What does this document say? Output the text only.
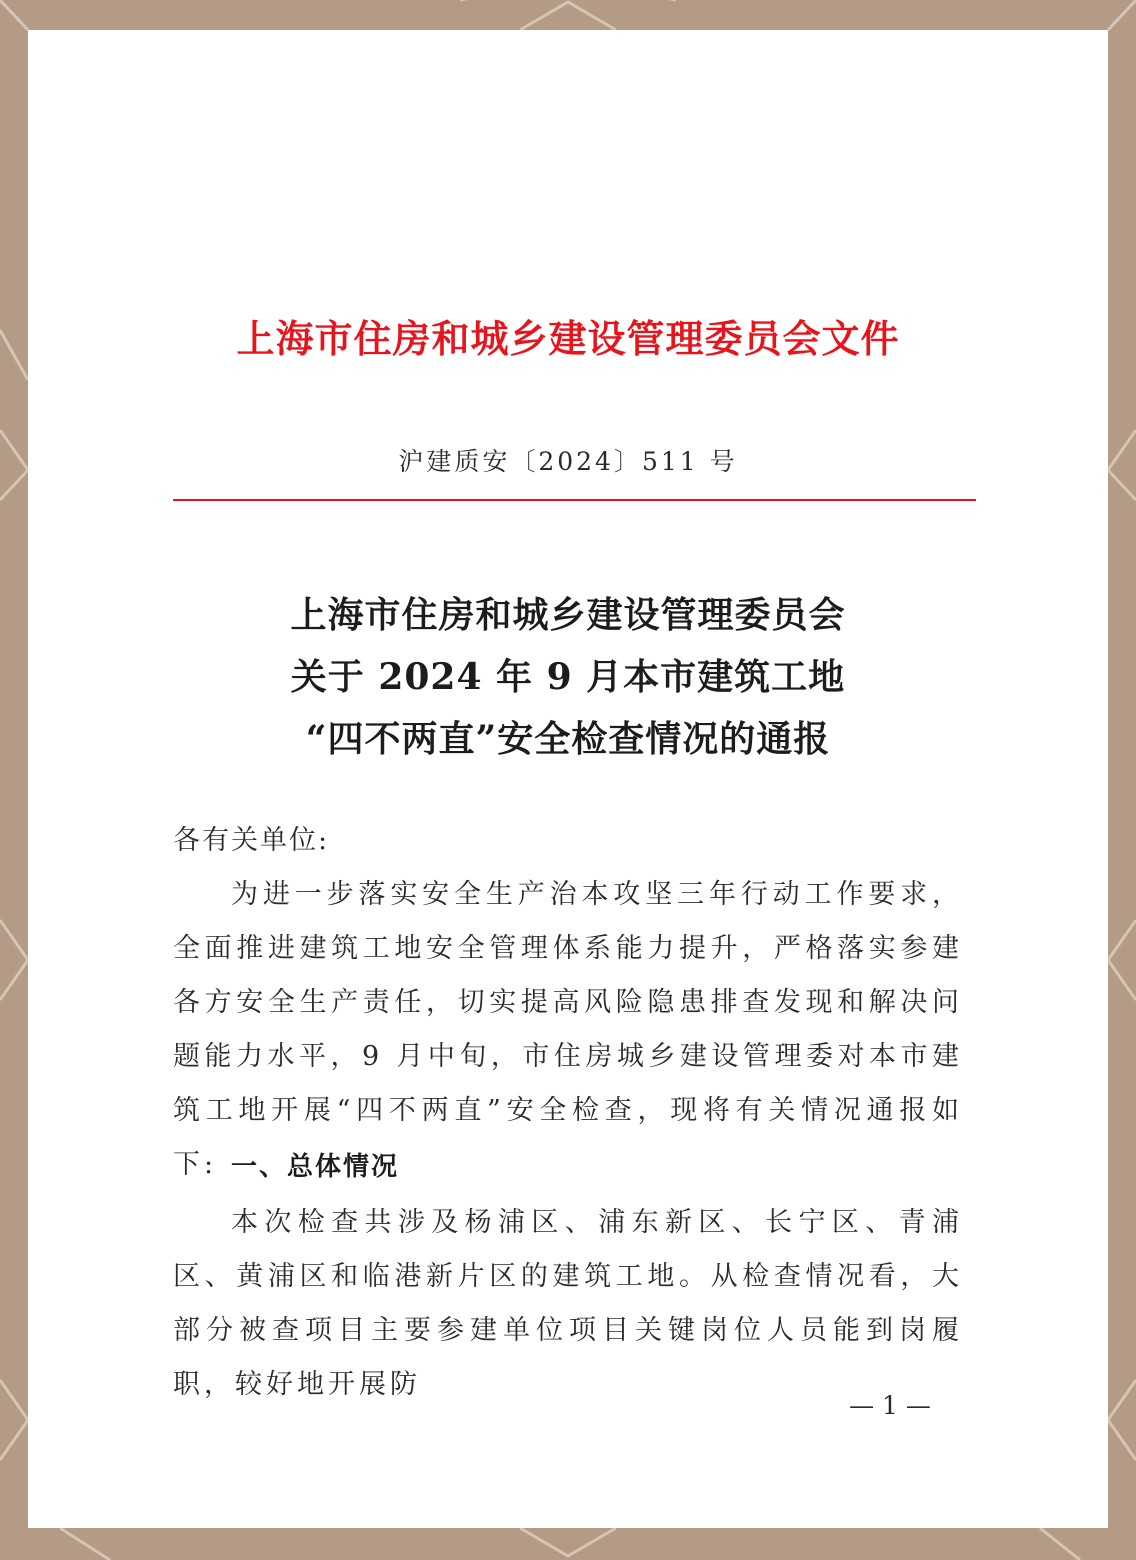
上海市住房和城乡建设管理委员会文件
沪建质安〔2024〕511 号
上海市住房和城乡建设管理委员会
关于 2024 年 9 月本市建筑工地
“四不两直”安全检查情况的通报
各有关单位:
为进一步落实安全生产治本攻坚三年行动工作要求，全面推进建筑工地安全管理体系能力提升，严格落实参建各方安全生产责任，切实提高风险隐患排查发现和解决问题能力水平，9 月中旬，市住房城乡建设管理委对本市建筑工地开展“四不两直”安全检查，现将有关情况通报如下: 一、总体情况
本次检查共涉及杨浦区、浦东新区、长宁区、青浦区、黄浦区和临港新片区的建筑工地。从检查情况看，大部分被查项目主要参建单位项目关键岗位人员能到岗履职，较好地开展防
— 1 —
